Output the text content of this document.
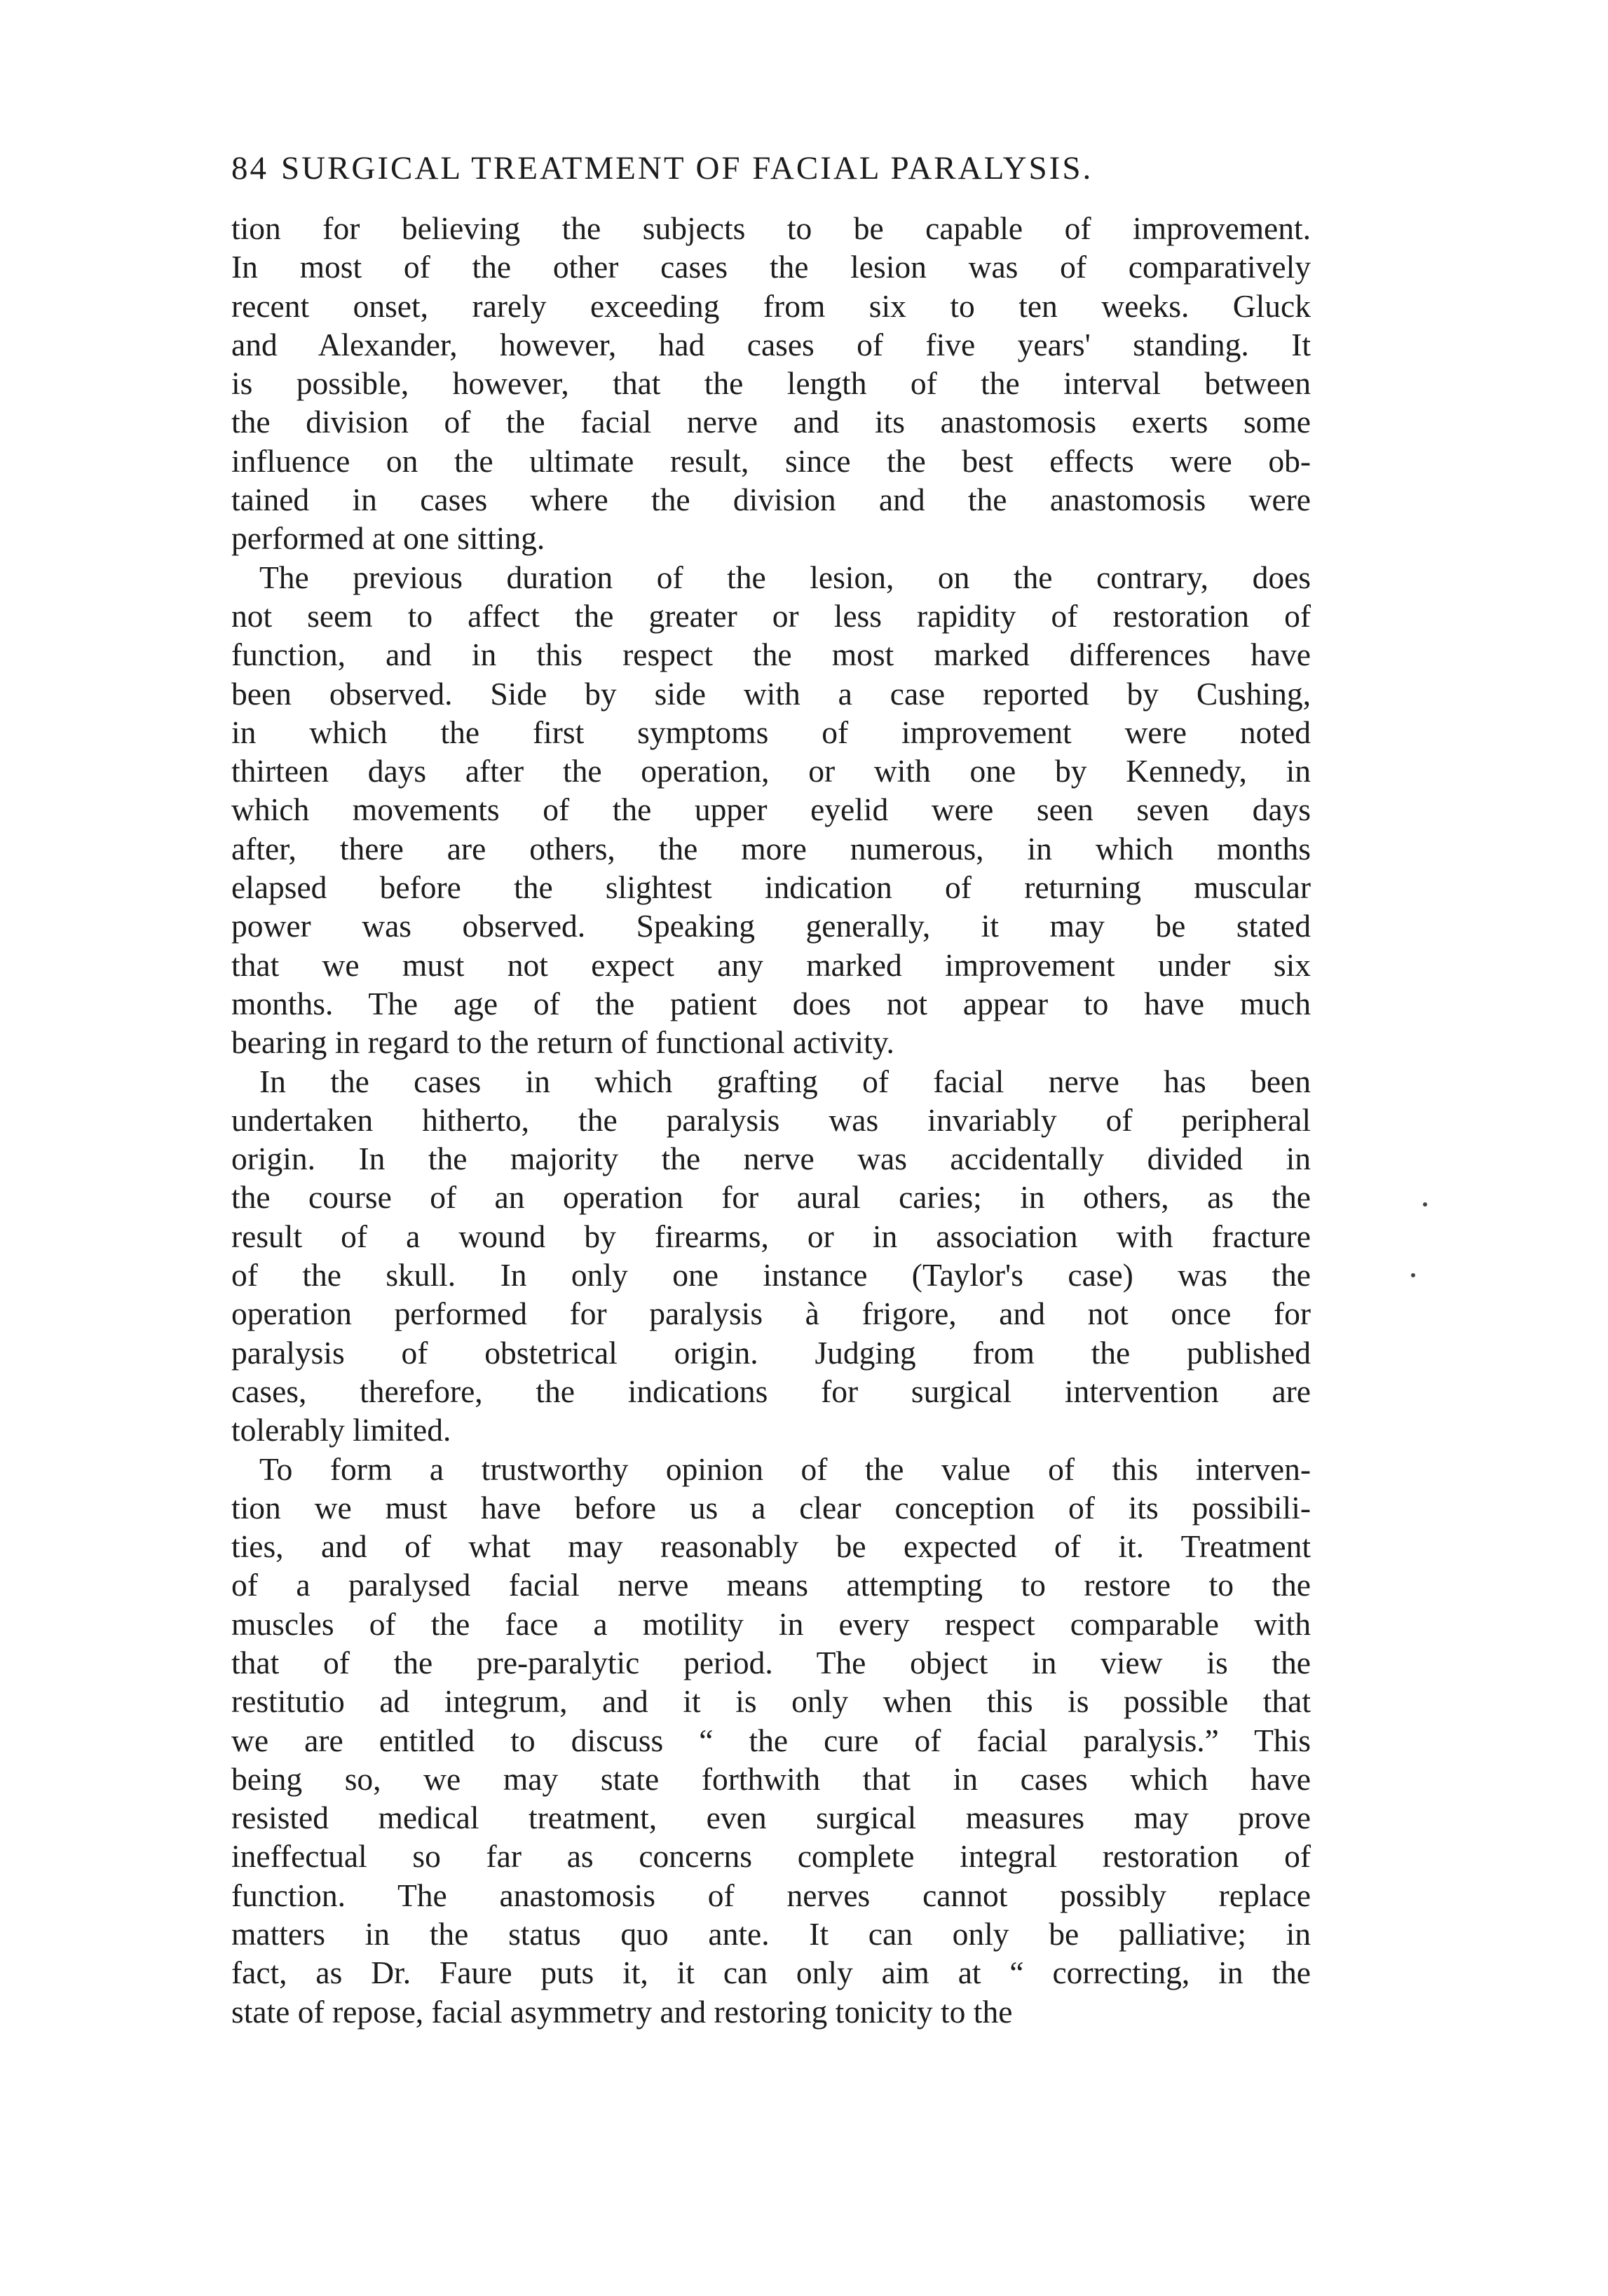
84 SURGICAL TREATMENT OF FACIAL PARALYSIS.

tion for believing the subjects to be capable of improvement.
In most of the other cases the lesion was of comparatively
recent onset, rarely exceeding from six to ten weeks. Gluck
and Alexander, however, had cases of five years' standing. It
is possible, however, that the length of the interval between
the division of the facial nerve and its anastomosis exerts some
influence on the ultimate result, since the best effects were ob-
tained in cases where the division and the anastomosis were
performed at one sitting.

The previous duration of the lesion, on the contrary, does
not seem to affect the greater or less rapidity of restoration of
function, and in this respect the most marked differences have
been observed. Side by side with a case reported by Cushing,
in which the first symptoms of improvement were noted
thirteen days after the operation, or with one by Kennedy, in
which movements of the upper eyelid were seen seven days
after, there are others, the more numerous, in which months
elapsed before the slightest indication of returning muscular
power was observed. Speaking generally, it may be stated
that we must not expect any marked improvement under six
months. The age of the patient does not appear to have much
bearing in regard to the return of functional activity.

In the cases in which grafting of facial nerve has been
undertaken hitherto, the paralysis was invariably of peripheral
origin. In the majority the nerve was accidentally divided in
the course of an operation for aural caries; in others, as the
result of a wound by firearms, or in association with fracture
of the skull. In only one instance (Taylor's case) was the
operation performed for paralysis à frigore, and not once for
paralysis of obstetrical origin. Judging from the published
cases, therefore, the indications for surgical intervention are
tolerably limited.

To form a trustworthy opinion of the value of this interven-
tion we must have before us a clear conception of its possibili-
ties, and of what may reasonably be expected of it. Treatment
of a paralysed facial nerve means attempting to restore to the
muscles of the face a motility in every respect comparable with
that of the pre-paralytic period. The object in view is the
restitutio ad integrum, and it is only when this is possible that
we are entitled to discuss “ the cure of facial paralysis.” This
being so, we may state forthwith that in cases which have
resisted medical treatment, even surgical measures may prove
ineffectual so far as concerns complete integral restoration of
function. The anastomosis of nerves cannot possibly replace
matters in the status quo ante. It can only be palliative; in
fact, as Dr. Faure puts it, it can only aim at “ correcting, in the
state of repose, facial asymmetry and restoring tonicity to the
